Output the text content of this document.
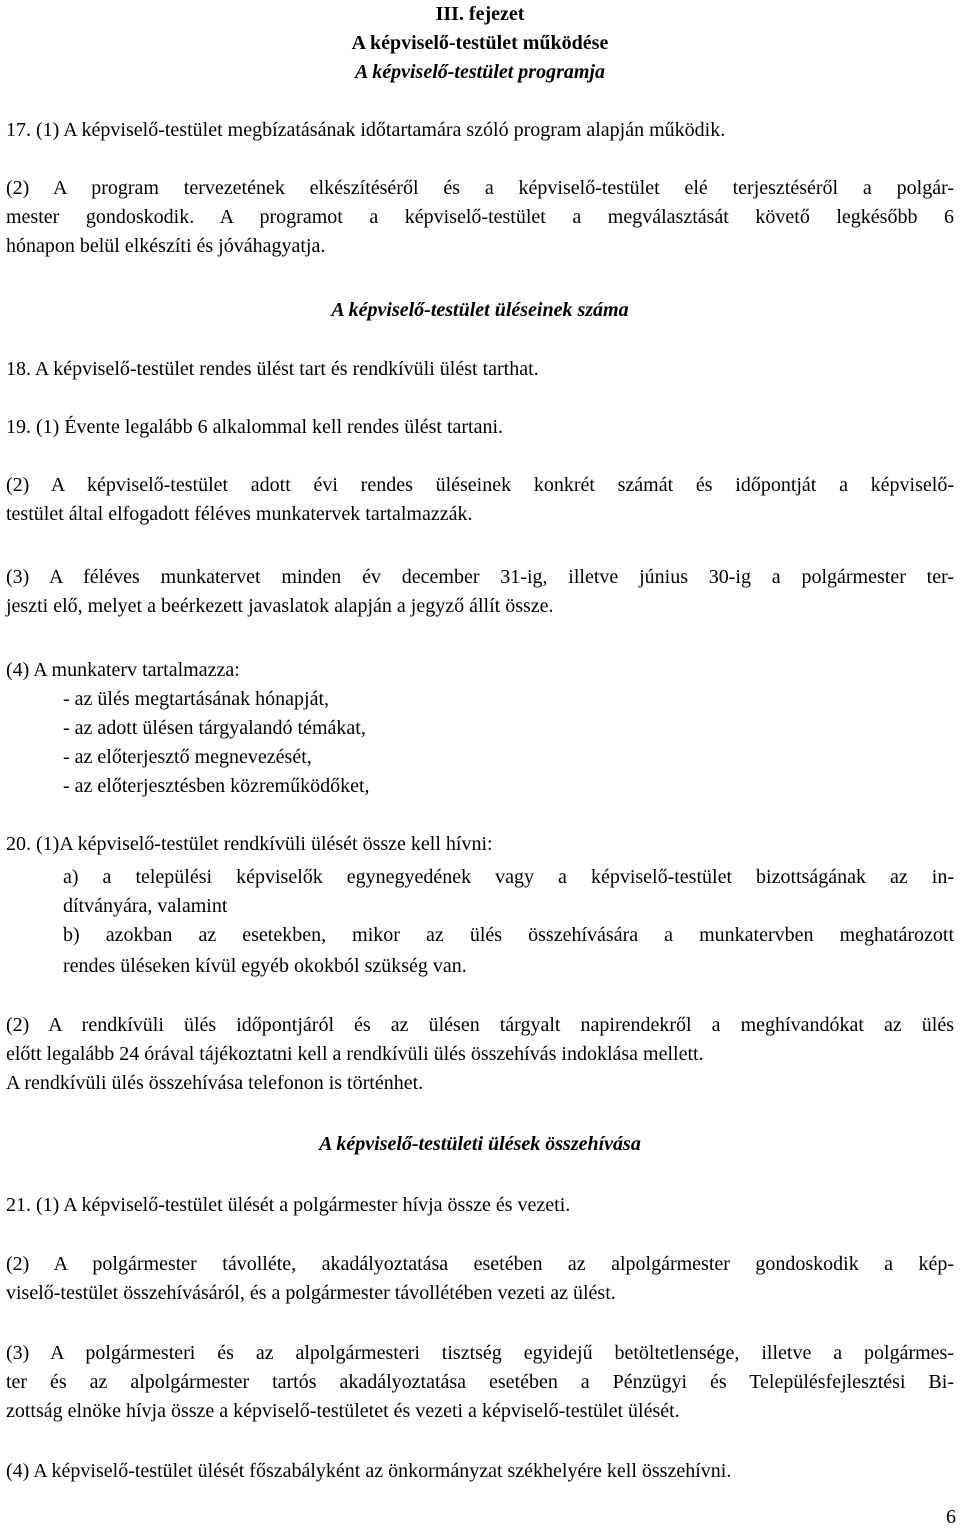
III. fejezet
A képviselő-testület működése
A képviselő-testület programja
17. (1) A képviselő-testület megbízatásának időtartamára szóló program alapján működik.
(2) A program tervezetének elkészítéséről és a képviselő-testület elé terjesztéséről a polgár-
mester gondoskodik. A programot a képviselő-testület a megválasztását követő legkésőbb 6
hónapon belül elkészíti és jóváhagyatja.
A képviselő-testület üléseinek száma
18. A képviselő-testület rendes ülést tart és rendkívüli ülést tarthat.
19. (1) Évente legalább 6 alkalommal kell rendes ülést tartani.
(2) A képviselő-testület adott évi rendes üléseinek konkrét számát és időpontját a képviselő-
testület által elfogadott féléves munkatervek tartalmazzák.
(3) A féléves munkatervet minden év december 31-ig, illetve június 30-ig a polgármester ter-
jeszti elő, melyet a beérkezett javaslatok alapján a jegyző állít össze.
(4) A munkaterv tartalmazza:
- az ülés megtartásának hónapját,
- az adott ülésen tárgyalandó témákat,
- az előterjesztő megnevezését,
- az előterjesztésben közreműködőket,
20. (1)A képviselő-testület rendkívüli ülését össze kell hívni:
a) a települési képviselők egynegyedének vagy a képviselő-testület bizottságának az in-
dítványára, valamint
b) azokban az esetekben, mikor az ülés összehívására a munkatervben meghatározott
rendes üléseken kívül egyéb okokból szükség van.
(2) A rendkívüli ülés időpontjáról és az ülésen tárgyalt napirendekről a meghívandókat az ülés
előtt legalább 24 órával tájékoztatni kell a rendkívüli ülés összehívás indoklása mellett.
A rendkívüli ülés összehívása telefonon is történhet.
A képviselő-testületi ülések összehívása
21. (1) A képviselő-testület ülését a polgármester hívja össze és vezeti.
(2) A polgármester távolléte, akadályoztatása esetében az alpolgármester gondoskodik a kép-
viselő-testület összehívásáról, és a polgármester távollétében vezeti az ülést.
(3) A polgármesteri és az alpolgármesteri tisztség egyidejű betöltetlensége, illetve a polgármes-
ter és az alpolgármester tartós akadályoztatása esetében a Pénzügyi és Településfejlesztési Bi-
zottság elnöke hívja össze a képviselő-testületet és vezeti a képviselő-testület ülését.
(4) A képviselő-testület ülését főszabályként az önkormányzat székhelyére kell összehívni.
6
